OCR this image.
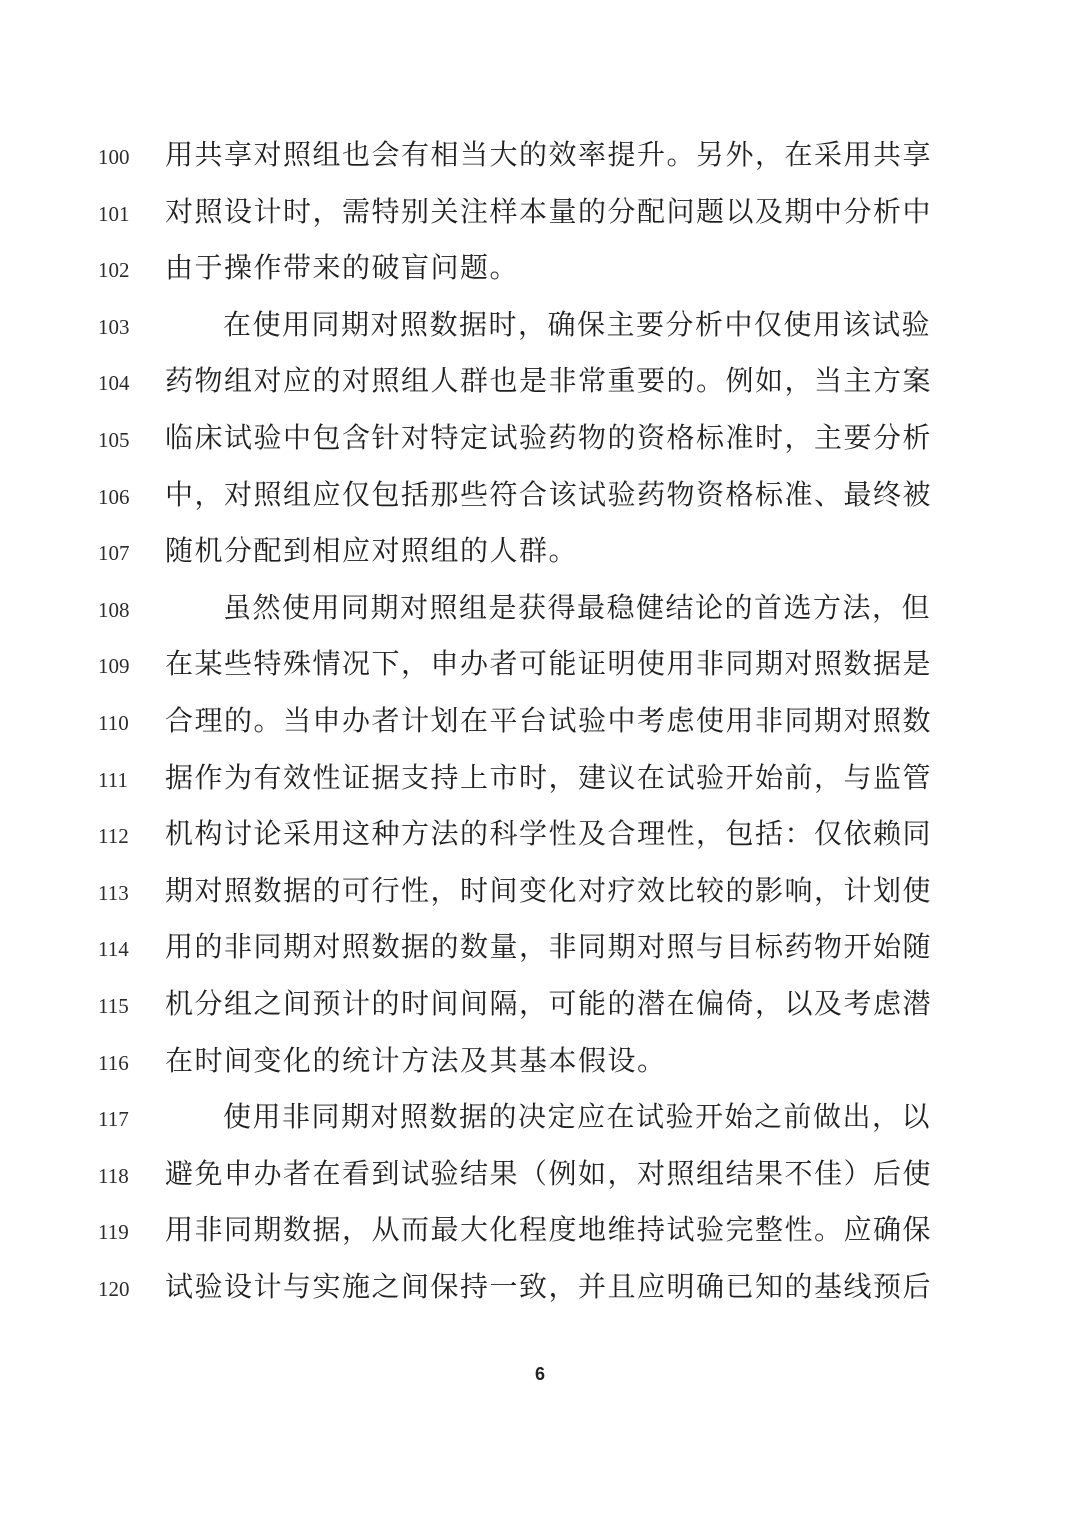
100	用共享对照组也会有相当大的效率提升。另外，在采用共享
101	对照设计时，需特别关注样本量的分配问题以及期中分析中
102	由于操作带来的破盲问题。
103	在使用同期对照数据时，确保主要分析中仅使用该试验
104	药物组对应的对照组人群也是非常重要的。例如，当主方案
105	临床试验中包含针对特定试验药物的资格标准时，主要分析
106	中，对照组应仅包括那些符合该试验药物资格标准、最终被
107	随机分配到相应对照组的人群。
108	虽然使用同期对照组是获得最稳健结论的首选方法，但
109	在某些特殊情况下，申办者可能证明使用非同期对照数据是
110	合理的。当申办者计划在平台试验中考虑使用非同期对照数
111	据作为有效性证据支持上市时，建议在试验开始前，与监管
112	机构讨论采用这种方法的科学性及合理性，包括：仅依赖同
113	期对照数据的可行性，时间变化对疗效比较的影响，计划使
114	用的非同期对照数据的数量，非同期对照与目标药物开始随
115	机分组之间预计的时间间隔，可能的潜在偏倚，以及考虑潜
116	在时间变化的统计方法及其基本假设。
117	使用非同期对照数据的决定应在试验开始之前做出，以
118	避免申办者在看到试验结果（例如，对照组结果不佳）后使
119	用非同期数据，从而最大化程度地维持试验完整性。应确保
120	试验设计与实施之间保持一致，并且应明确已知的基线预后
6
